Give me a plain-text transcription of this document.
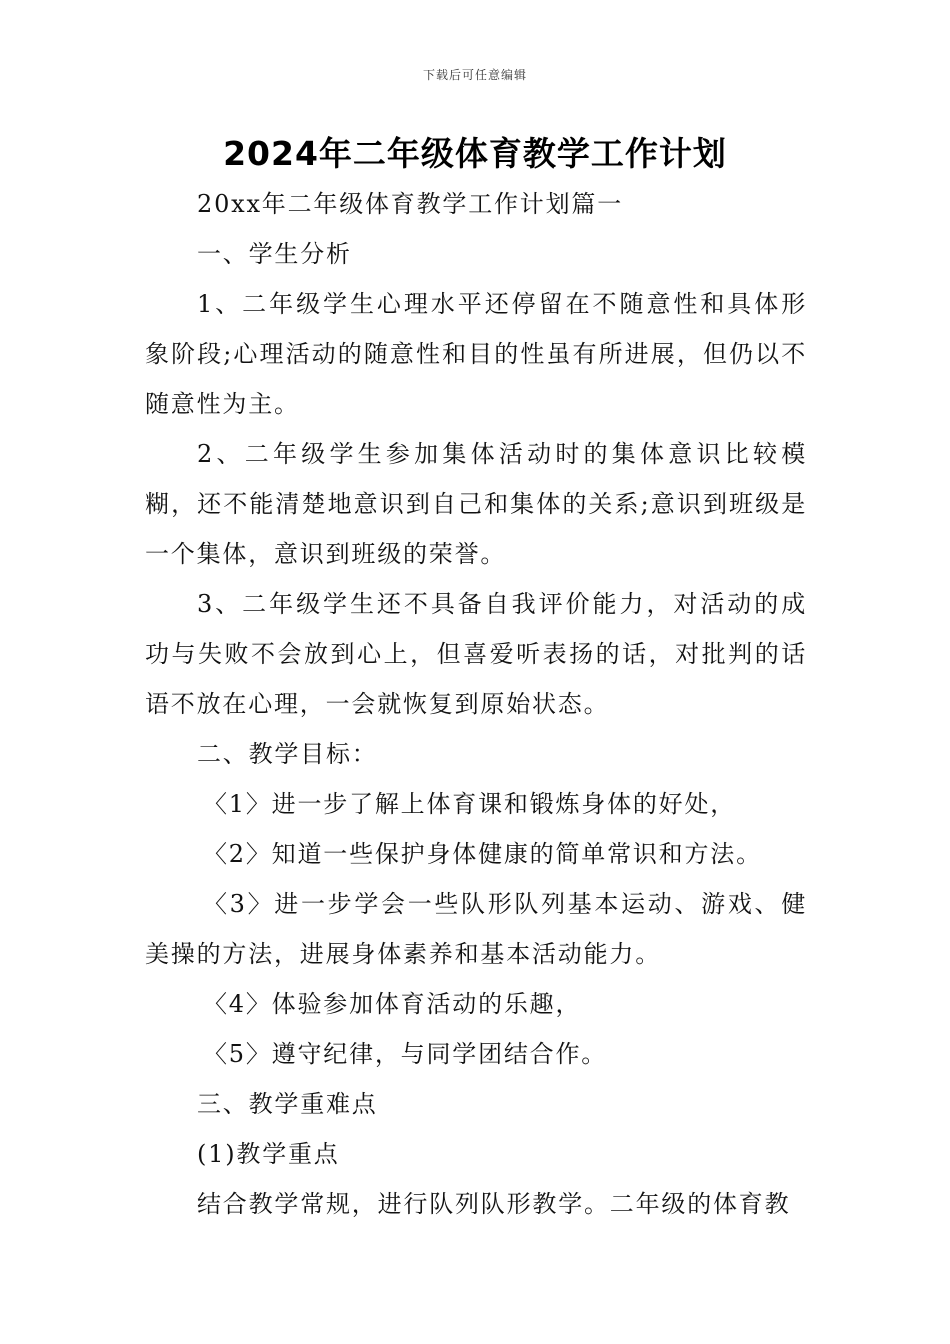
下载后可任意编辑
2024年二年级体育教学工作计划

20xx年二年级体育教学工作计划篇一

一、学生分析

1、二年级学生心理水平还停留在不随意性和具体形象阶段;心理活动的随意性和目的性虽有所进展，但仍以不随意性为主。

2、二年级学生参加集体活动时的集体意识比较模糊，还不能清楚地意识到自己和集体的关系;意识到班级是一个集体，意识到班级的荣誉。

3、二年级学生还不具备自我评价能力，对活动的成功与失败不会放到心上，但喜爱听表扬的话，对批判的话语不放在心理，一会就恢复到原始状态。

二、教学目标：

〈1〉进一步了解上体育课和锻炼身体的好处，

〈2〉知道一些保护身体健康的简单常识和方法。

〈3〉进一步学会一些队形队列基本运动、游戏、健美操的方法，进展身体素养和基本活动能力。

〈4〉体验参加体育活动的乐趣，

〈5〉遵守纪律，与同学团结合作。

三、教学重难点

(1)教学重点

结合教学常规，进行队列队形教学。二年级的体育教
